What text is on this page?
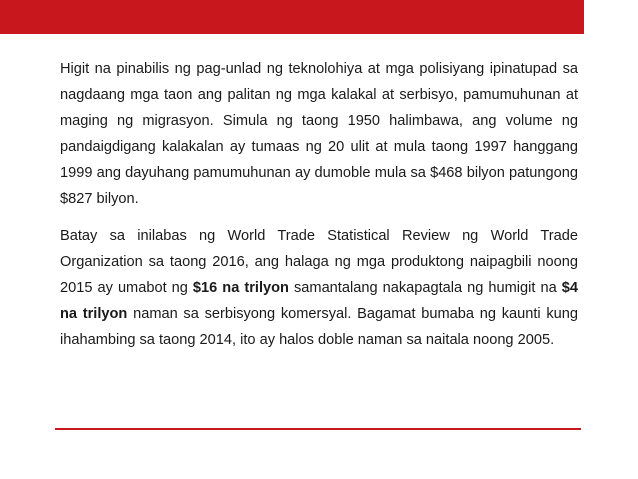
Higit na pinabilis ng pag-unlad ng teknolohiya at mga polisiyang ipinatupad sa nagdaang mga taon ang palitan ng mga kalakal at serbisyo, pamumuhunan at maging ng migrasyon. Simula ng taong 1950 halimbawa, ang volume ng pandaigdigang kalakalan ay tumaas ng 20 ulit at mula taong 1997 hanggang 1999 ang dayuhang pamumuhunan ay dumoble mula sa $468 bilyon patungong $827 bilyon.

Batay sa inilabas ng World Trade Statistical Review ng World Trade Organization sa taong 2016, ang halaga ng mga produktong naipagbili noong 2015 ay umabot ng $16 na trilyon samantalang nakapagtala ng humigit na $4 na trilyon naman sa serbisyong komersyal. Bagamat bumaba ng kaunti kung ihahambing sa taong 2014, ito ay halos doble naman sa naitala noong 2005.
